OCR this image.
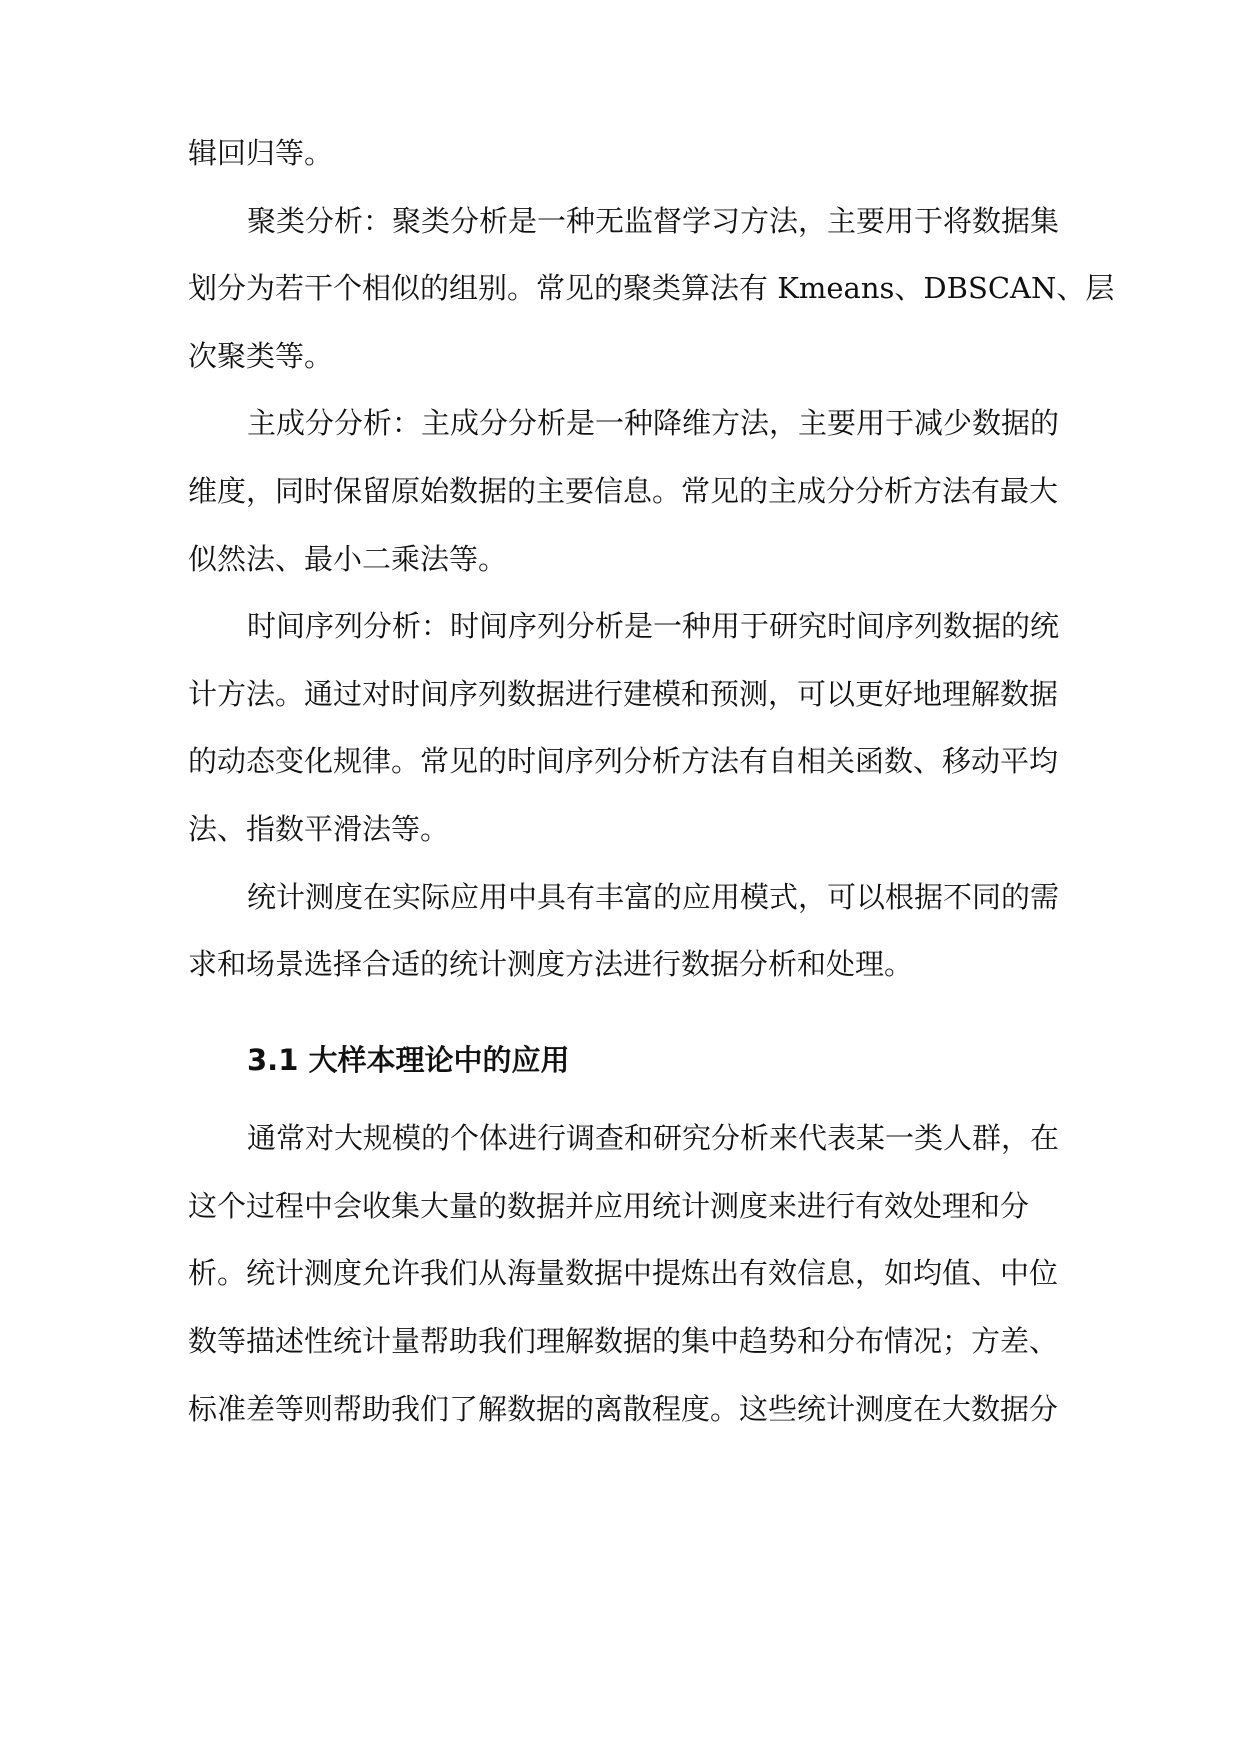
辑回归等。
聚类分析：聚类分析是一种无监督学习方法，主要用于将数据集
划分为若干个相似的组别。常见的聚类算法有 Kmeans、DBSCAN、层
次聚类等。
主成分分析：主成分分析是一种降维方法，主要用于减少数据的
维度，同时保留原始数据的主要信息。常见的主成分分析方法有最大
似然法、最小二乘法等。
时间序列分析：时间序列分析是一种用于研究时间序列数据的统
计方法。通过对时间序列数据进行建模和预测，可以更好地理解数据
的动态变化规律。常见的时间序列分析方法有自相关函数、移动平均
法、指数平滑法等。
统计测度在实际应用中具有丰富的应用模式，可以根据不同的需
求和场景选择合适的统计测度方法进行数据分析和处理。
3.1 大样本理论中的应用
通常对大规模的个体进行调查和研究分析来代表某一类人群，在
这个过程中会收集大量的数据并应用统计测度来进行有效处理和分
析。统计测度允许我们从海量数据中提炼出有效信息，如均值、中位
数等描述性统计量帮助我们理解数据的集中趋势和分布情况；方差、
标准差等则帮助我们了解数据的离散程度。这些统计测度在大数据分
